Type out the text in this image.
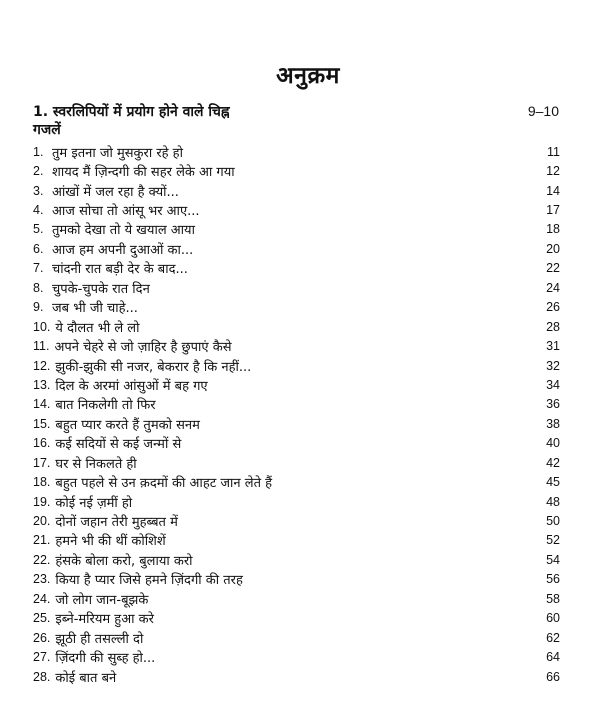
अनुक्रम
1. स्वरलिपियों में प्रयोग होने वाले चिह्न	9–10
गजलें
1. तुम इतना जो मुसकुरा रहे हो	11
2. शायद मैं ज़िन्दगी की सहर लेके आ गया	12
3. आंखों में जल रहा है क्यों...	14
4. आज सोचा तो आंसू भर आए...	17
5. तुमको देखा तो ये खयाल आया	18
6. आज हम अपनी दुआओं का...	20
7. चांदनी रात बड़ी देर के बाद...	22
8. चुपके-चुपके रात दिन	24
9. जब भी जी चाहे...	26
10. ये दौलत भी ले लो	28
11. अपने चेहरे से जो ज़ाहिर है छुपाएं कैसे	31
12. झुकी-झुकी सी नजर, बेकरार है कि नहीं...	32
13. दिल के अरमां आंसुओं में बह गए	34
14. बात निकलेगी तो फिर	36
15. बहुत प्यार करते हैं तुमको सनम	38
16. कई सदियों से कई जन्मों से	40
17. घर से निकलते ही	42
18. बहुत पहले से उन क़दमों की आहट जान लेते हैं	45
19. कोई नई ज़मीं हो	48
20. दोनों जहान तेरी मुहब्बत में	50
21. हमने भी की थीं कोशिशें	52
22. हंसके बोला करो, बुलाया करो	54
23. किया है प्यार जिसे हमने ज़िंदगी की तरह	56
24. जो लोग जान-बूझके	58
25. इब्ने-मरियम हुआ करे	60
26. झूठी ही तसल्ली दो	62
27. ज़िंदगी की सुब्ह हो...	64
28. कोई बात बने	66
